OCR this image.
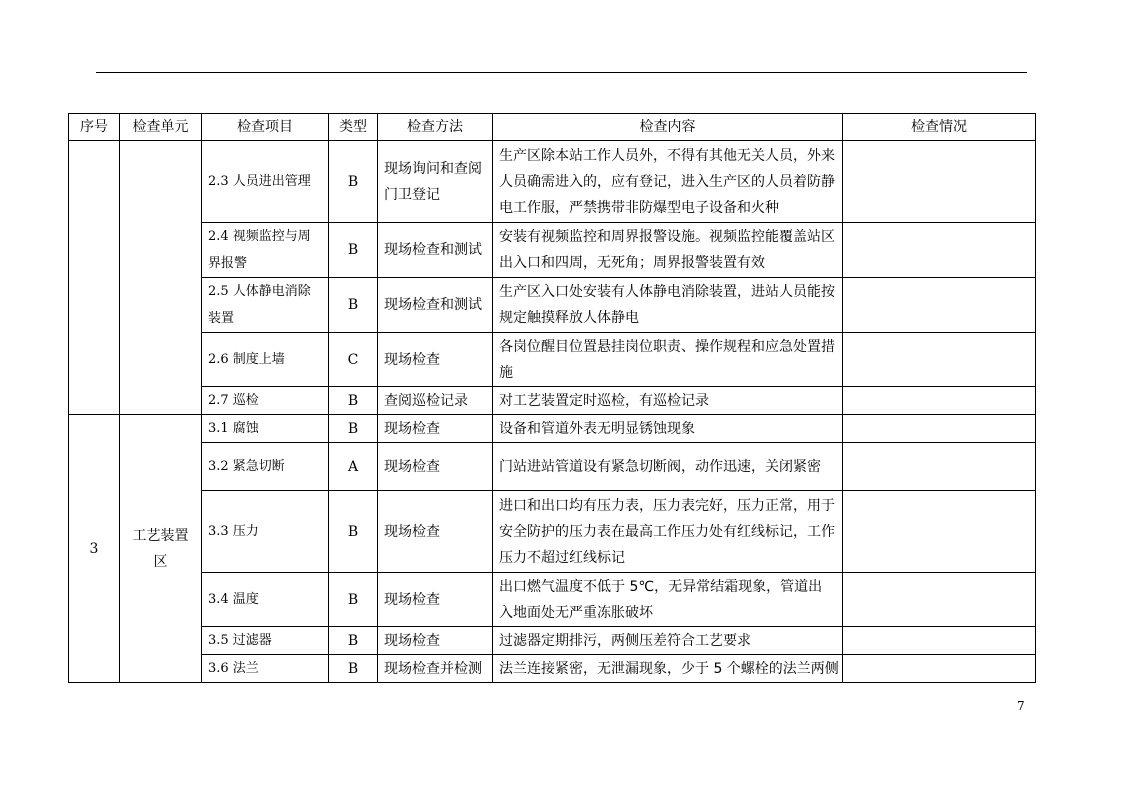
序号	检查单元	检查项目	类型	检查方法	检查内容	检查情况
		2.3 人员进出管理	B	现场询问和查阅门卫登记	生产区除本站工作人员外，不得有其他无关人员，外来人员确需进入的，应有登记，进入生产区的人员着防静电工作服，严禁携带非防爆型电子设备和火种	
		2.4 视频监控与周界报警	B	现场检查和测试	安装有视频监控和周界报警设施。视频监控能覆盖站区出入口和四周，无死角；周界报警装置有效	
		2.5 人体静电消除装置	B	现场检查和测试	生产区入口处安装有人体静电消除装置，进站人员能按规定触摸释放人体静电	
		2.6 制度上墙	C	现场检查	各岗位醒目位置悬挂岗位职责、操作规程和应急处置措施	
		2.7 巡检	B	查阅巡检记录	对工艺装置定时巡检，有巡检记录	
3	工艺装置区	3.1 腐蚀	B	现场检查	设备和管道外表无明显锈蚀现象	
		3.2 紧急切断	A	现场检查	门站进站管道设有紧急切断阀，动作迅速，关闭紧密	
		3.3 压力	B	现场检查	进口和出口均有压力表，压力表完好，压力正常，用于安全防护的压力表在最高工作压力处有红线标记，工作压力不超过红线标记	
		3.4 温度	B	现场检查	出口燃气温度不低于 5℃，无异常结霜现象，管道出入地面处无严重冻胀破坏	
		3.5 过滤器	B	现场检查	过滤器定期排污，两侧压差符合工艺要求	
		3.6 法兰	B	现场检查并检测	法兰连接紧密，无泄漏现象，少于 5 个螺栓的法兰两侧	
7
